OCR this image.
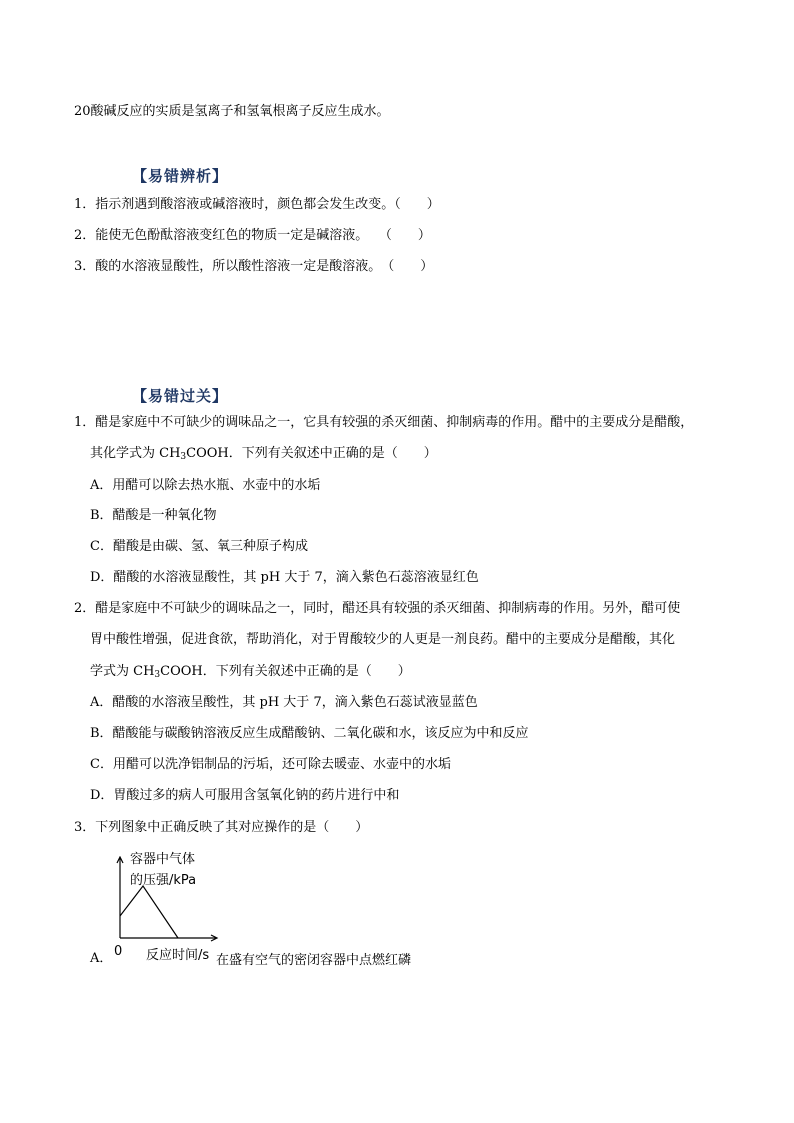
20酸碱反应的实质是氢离子和氢氧根离子反应生成水。
【易错辨析】
1．指示剂遇到酸溶液或碱溶液时，颜色都会发生改变。（　　）
2．能使无色酚酞溶液变红色的物质一定是碱溶液。　 （　　）
3．酸的水溶液显酸性，所以酸性溶液一定是酸溶液。　（　　）
【易错过关】
1．醋是家庭中不可缺少的调味品之一，它具有较强的杀灭细菌、抑制病毒的作用。醋中的主要成分是醋酸，
其化学式为 $CH_3COOH$．下列有关叙述中正确的是（　　）
A．用醋可以除去热水瓶、水壶中的水垢
B．醋酸是一种氧化物
C．醋酸是由碳、氢、氧三种原子构成
D．醋酸的水溶液显酸性，其 pH 大于 7，滴入紫色石蕊溶液显红色
2．醋是家庭中不可缺少的调味品之一，同时，醋还具有较强的杀灭细菌、抑制病毒的作用。另外，醋可使
胃中酸性增强，促进食欲，帮助消化，对于胃酸较少的人更是一剂良药。醋中的主要成分是醋酸，其化
学式为 $CH_3COOH$．下列有关叙述中正确的是（　　）
A．醋酸的水溶液呈酸性，其 pH 大于 7，滴入紫色石蕊试液显蓝色
B．醋酸能与碳酸钠溶液反应生成醋酸钠、二氧化碳和水，该反应为中和反应
C．用醋可以洗净铝制品的污垢，还可除去暖壶、水壶中的水垢
D．胃酸过多的病人可服用含氢氧化钠的药片进行中和
3．下列图象中正确反映了其对应操作的是（　　）
容器中气体
的压强/kPa
A． 0 反应时间/s 在盛有空气的密闭容器中点燃红磷
